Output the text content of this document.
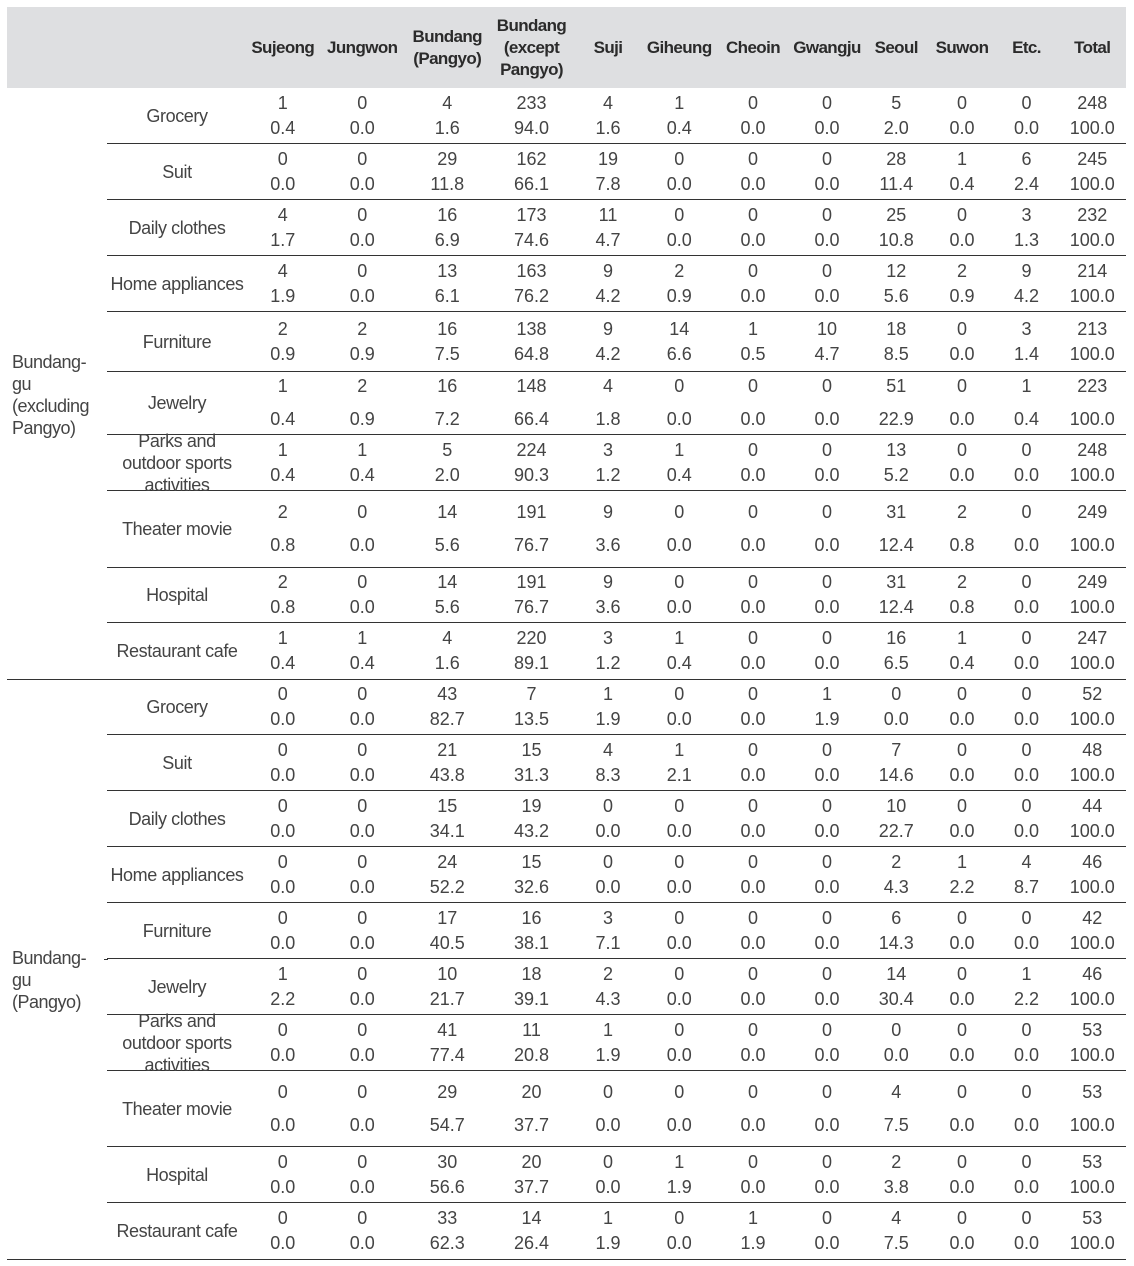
Sujeong Jungwon
Bundang
(Pangyo)
Bundang
(except
Pangyo)
Suji Giheung Cheoin Gwangju Seoul Suwon Etc. Total
Bundang-gu (excluding Pangyo)
Grocery
1
0.4
0
0.0
4
1.6
233
94.0
4
1.6
1
0.4
0
0.0
0
0.0
5
2.0
0
0.0
0
0.0
248
100.0
Suit
0
0.0
0
0.0
29
11.8
162
66.1
19
7.8
0
0.0
0
0.0
0
0.0
28
11.4
1
0.4
6
2.4
245
100.0
Daily clothes
4
1.7
0
0.0
16
6.9
173
74.6
11
4.7
0
0.0
0
0.0
0
0.0
25
10.8
0
0.0
3
1.3
232
100.0
Home appliances
4
1.9
0
0.0
13
6.1
163
76.2
9
4.2
2
0.9
0
0.0
0
0.0
12
5.6
2
0.9
9
4.2
214
100.0
Furniture
2
0.9
2
0.9
16
7.5
138
64.8
9
4.2
14
6.6
1
0.5
10
4.7
18
8.5
0
0.0
3
1.4
213
100.0
Jewelry
1
0.4
2
0.9
16
7.2
148
66.4
4
1.8
0
0.0
0
0.0
0
0.0
51
22.9
0
0.0
1
0.4
223
100.0
Parks and outdoor sports activities
1
0.4
1
0.4
5
2.0
224
90.3
3
1.2
1
0.4
0
0.0
0
0.0
13
5.2
0
0.0
0
0.0
248
100.0
Theater movie
2
0.8
0
0.0
14
5.6
191
76.7
9
3.6
0
0.0
0
0.0
0
0.0
31
12.4
2
0.8
0
0.0
249
100.0
Hospital
2
0.8
0
0.0
14
5.6
191
76.7
9
3.6
0
0.0
0
0.0
0
0.0
31
12.4
2
0.8
0
0.0
249
100.0
Restaurant cafe
1
0.4
1
0.4
4
1.6
220
89.1
3
1.2
1
0.4
0
0.0
0
0.0
16
6.5
1
0.4
0
0.0
247
100.0
Bundang-gu (Pangyo)
Grocery
0
0.0
0
0.0
43
82.7
7
13.5
1
1.9
0
0.0
0
0.0
1
1.9
0
0.0
0
0.0
0
0.0
52
100.0
Suit
0
0.0
0
0.0
21
43.8
15
31.3
4
8.3
1
2.1
0
0.0
0
0.0
7
14.6
0
0.0
0
0.0
48
100.0
Daily clothes
0
0.0
0
0.0
15
34.1
19
43.2
0
0.0
0
0.0
0
0.0
0
0.0
10
22.7
0
0.0
0
0.0
44
100.0
Home appliances
0
0.0
0
0.0
24
52.2
15
32.6
0
0.0
0
0.0
0
0.0
0
0.0
2
4.3
1
2.2
4
8.7
46
100.0
Furniture
0
0.0
0
0.0
17
40.5
16
38.1
3
7.1
0
0.0
0
0.0
0
0.0
6
14.3
0
0.0
0
0.0
42
100.0
Jewelry
1
2.2
0
0.0
10
21.7
18
39.1
2
4.3
0
0.0
0
0.0
0
0.0
14
30.4
0
0.0
1
2.2
46
100.0
Parks and outdoor sports activities
0
0.0
0
0.0
41
77.4
11
20.8
1
1.9
0
0.0
0
0.0
0
0.0
0
0.0
0
0.0
0
0.0
53
100.0
Theater movie
0
0.0
0
0.0
29
54.7
20
37.7
0
0.0
0
0.0
0
0.0
0
0.0
4
7.5
0
0.0
0
0.0
53
100.0
Hospital
0
0.0
0
0.0
30
56.6
20
37.7
0
0.0
1
1.9
0
0.0
0
0.0
2
3.8
0
0.0
0
0.0
53
100.0
Restaurant cafe
0
0.0
0
0.0
33
62.3
14
26.4
1
1.9
0
0.0
1
1.9
0
0.0
4
7.5
0
0.0
0
0.0
53
100.0
